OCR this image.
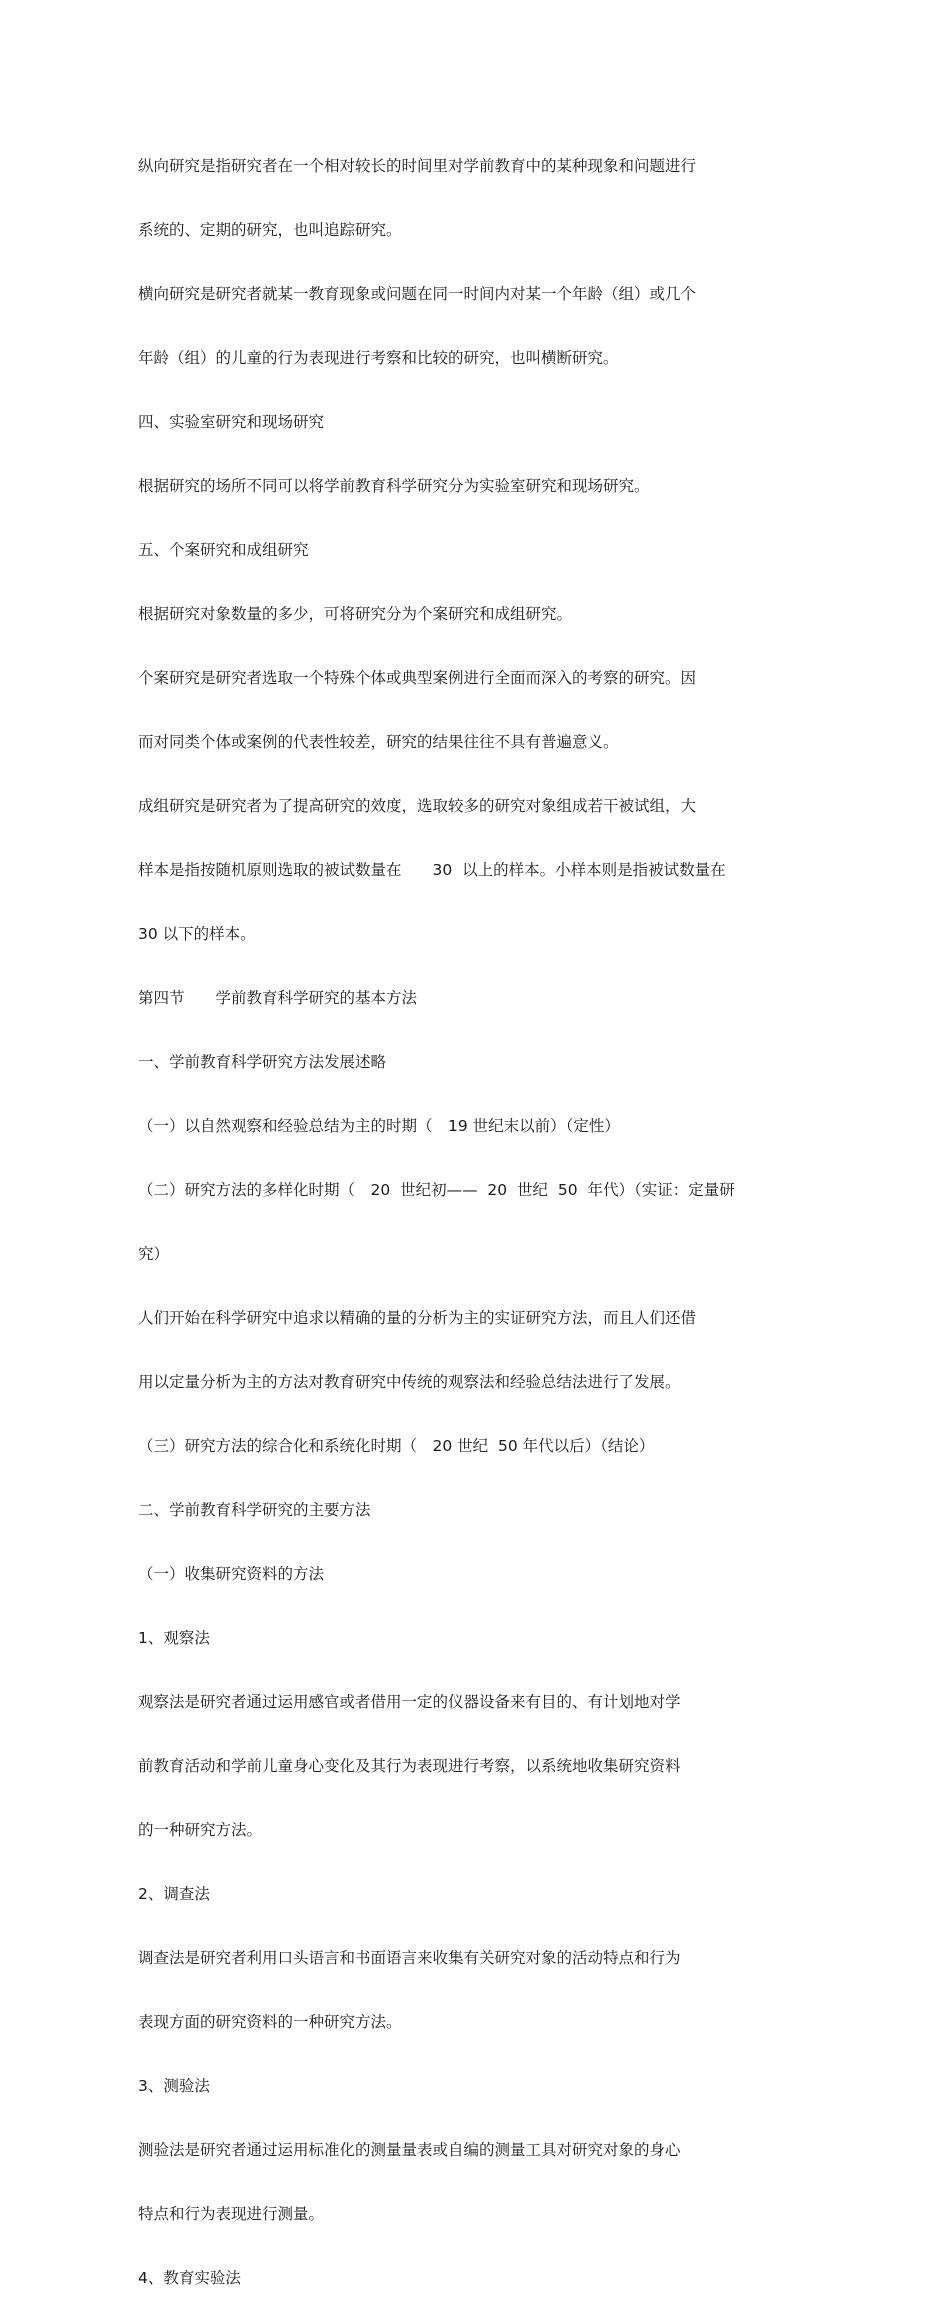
纵向研究是指研究者在一个相对较长的时间里对学前教育中的某种现象和问题进行

系统的、定期的研究，也叫追踪研究。

横向研究是研究者就某一教育现象或问题在同一时间内对某一个年龄（组）或几个

年龄（组）的儿童的行为表现进行考察和比较的研究，也叫横断研究。

四、实验室研究和现场研究

根据研究的场所不同可以将学前教育科学研究分为实验室研究和现场研究。

五、个案研究和成组研究

根据研究对象数量的多少，可将研究分为个案研究和成组研究。

个案研究是研究者选取一个特殊个体或典型案例进行全面而深入的考察的研究。因

而对同类个体或案例的代表性较差，研究的结果往往不具有普遍意义。

成组研究是研究者为了提高研究的效度，选取较多的研究对象组成若干被试组，大

样本是指按随机原则选取的被试数量在　　30  以上的样本。小样本则是指被试数量在

30 以下的样本。

第四节　　学前教育科学研究的基本方法

一、学前教育科学研究方法发展述略

（一）以自然观察和经验总结为主的时期（　19 世纪末以前）（定性）

（二）研究方法的多样化时期（　20  世纪初——  20  世纪  50  年代）（实证：定量研

究）

人们开始在科学研究中追求以精确的量的分析为主的实证研究方法，而且人们还借

用以定量分析为主的方法对教育研究中传统的观察法和经验总结法进行了发展。

（三）研究方法的综合化和系统化时期（　20 世纪  50 年代以后）（结论）

二、学前教育科学研究的主要方法

（一）收集研究资料的方法

1、观察法

观察法是研究者通过运用感官或者借用一定的仪器设备来有目的、有计划地对学

前教育活动和学前儿童身心变化及其行为表现进行考察，以系统地收集研究资料

的一种研究方法。

2、调查法

调查法是研究者利用口头语言和书面语言来收集有关研究对象的活动特点和行为

表现方面的研究资料的一种研究方法。

3、测验法

测验法是研究者通过运用标准化的测量量表或自编的测量工具对研究对象的身心

特点和行为表现进行测量。

4、教育实验法
